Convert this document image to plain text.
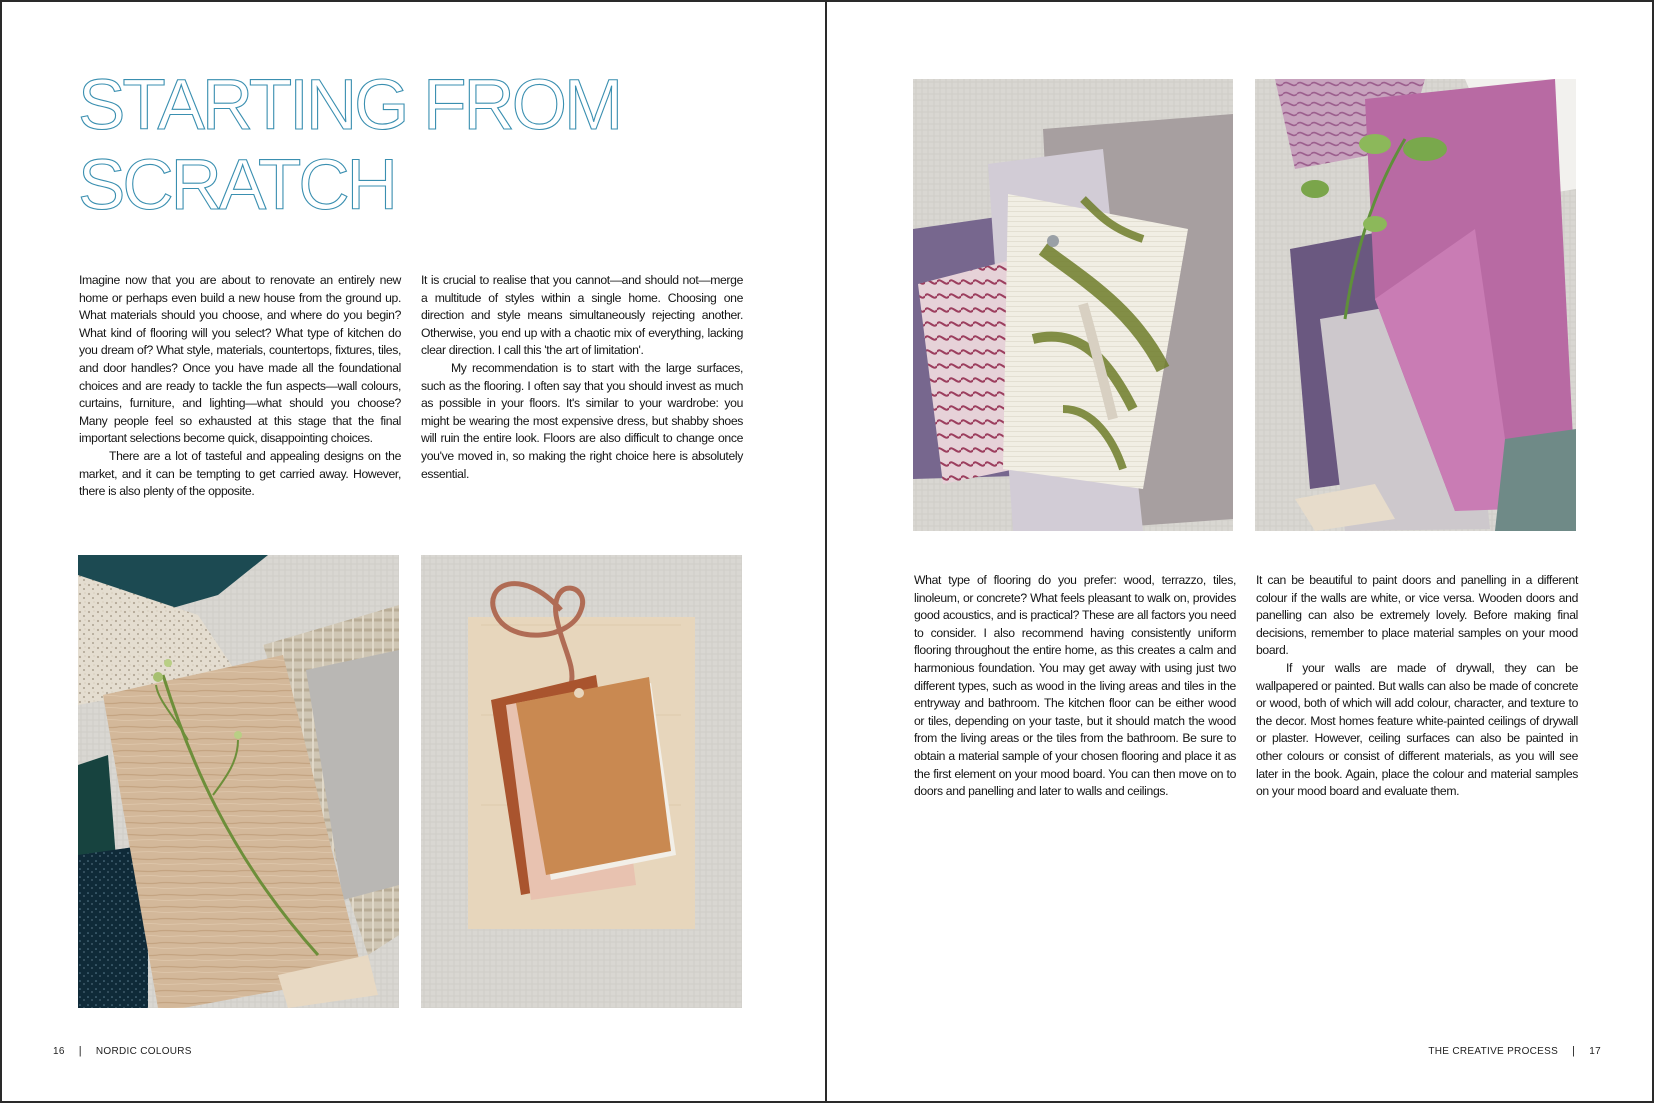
STARTING FROM
SCRATCH

Imagine now that you are about to renovate an entirely new home or perhaps even build a new house from the ground up. What materials should you choose, and where do you begin? What kind of flooring will you select? What type of kitchen do you dream of? What style, materials, countertops, fixtures, tiles, and door handles? Once you have made all the foundational choices and are ready to tackle the fun aspects—wall colours, curtains, furniture, and lighting—what should you choose? Many people feel so exhausted at this stage that the final important selections become quick, disappointing choices.

There are a lot of tasteful and appealing designs on the market, and it can be tempting to get carried away. However, there is also plenty of the opposite.

It is crucial to realise that you cannot—and should not—merge a multitude of styles within a single home. Choosing one direction and style means simultaneously rejecting another. Otherwise, you end up with a chaotic mix of everything, lacking clear direction. I call this 'the art of limitation'.

My recommendation is to start with the large surfaces, such as the flooring. I often say that you should invest as much as possible in your floors. It's similar to your wardrobe: you might be wearing the most expensive dress, but shabby shoes will ruin the entire look. Floors are also difficult to change once you've moved in, so making the right choice here is absolutely essential.

16 | NORDIC COLOURS

What type of flooring do you prefer: wood, terrazzo, tiles, linoleum, or concrete? What feels pleasant to walk on, provides good acoustics, and is practical? These are all factors you need to consider. I also recommend having consistently uniform flooring throughout the entire home, as this creates a calm and harmonious foundation. You may get away with using just two different types, such as wood in the living areas and tiles in the entryway and bathroom. The kitchen floor can be either wood or tiles, depending on your taste, but it should match the wood from the living areas or the tiles from the bathroom. Be sure to obtain a material sample of your chosen flooring and place it as the first element on your mood board. You can then move on to doors and panelling and later to walls and ceilings.

It can be beautiful to paint doors and panelling in a different colour if the walls are white, or vice versa. Wooden doors and panelling can also be extremely lovely. Before making final decisions, remember to place material samples on your mood board.

If your walls are made of drywall, they can be wallpapered or painted. But walls can also be made of concrete or wood, both of which will add colour, character, and texture to the decor. Most homes feature white-painted ceilings of drywall or plaster. However, ceiling surfaces can also be painted in other colours or consist of different materials, as you will see later in the book. Again, place the colour and material samples on your mood board and evaluate them.

THE CREATIVE PROCESS | 17
